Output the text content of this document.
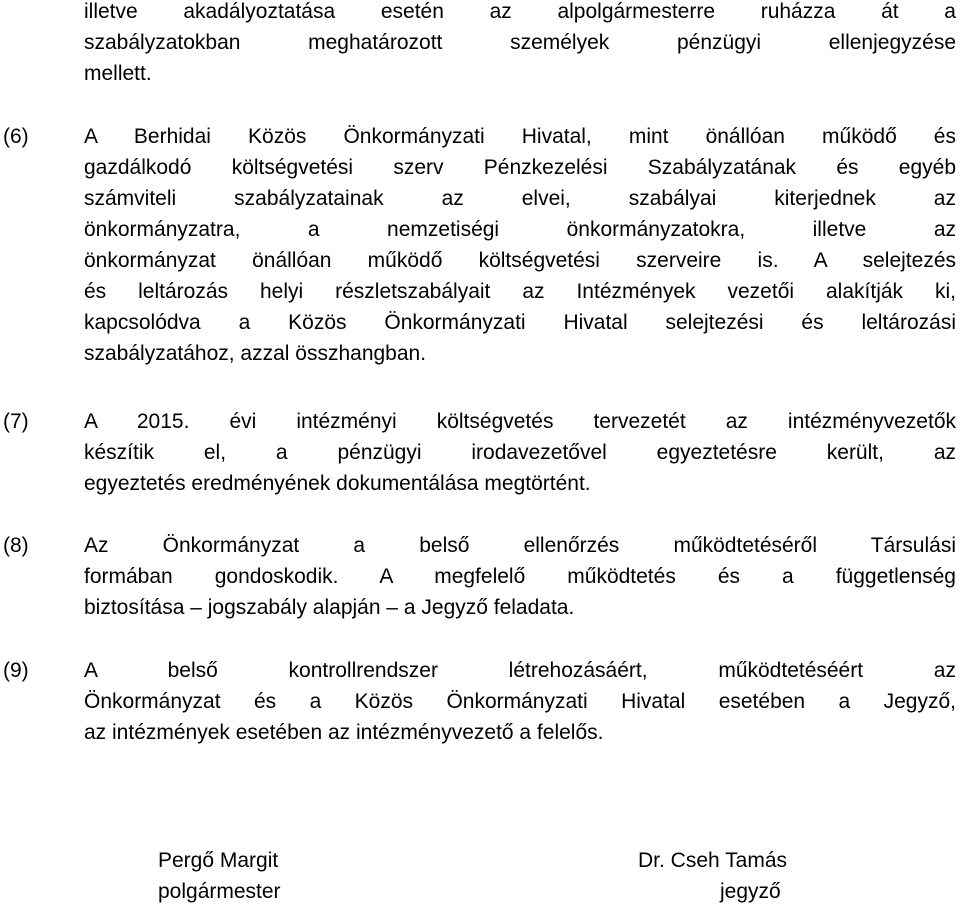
illetve akadályoztatása esetén az alpolgármesterre ruházza át a
szabályzatokban meghatározott személyek pénzügyi ellenjegyzése
mellett.
(6)	A Berhidai Közös Önkormányzati Hivatal, mint önállóan működő és
gazdálkodó költségvetési szerv Pénzkezelési Szabályzatának és egyéb
számviteli szabályzatainak az elvei, szabályai kiterjednek az
önkormányzatra, a nemzetiségi önkormányzatokra, illetve az
önkormányzat önállóan működő költségvetési szerveire is. A selejtezés
és leltározás helyi részletszabályait az Intézmények vezetői alakítják ki,
kapcsolódva a Közös Önkormányzati Hivatal selejtezési és leltározási
szabályzatához, azzal összhangban.
(7)	A 2015. évi intézményi költségvetés tervezetét az intézményvezetők
készítik el, a pénzügyi irodavezetővel egyeztetésre került, az
egyeztetés eredményének dokumentálása megtörtént.
(8)	Az Önkormányzat a belső ellenőrzés működtetéséről Társulási
formában gondoskodik. A megfelelő működtetés és a függetlenség
biztosítása – jogszabály alapján – a Jegyző feladata.
(9)	A belső kontrollrendszer létrehozásáért, működtetéséért az
Önkormányzat és a Közös Önkormányzati Hivatal esetében a Jegyző,
az intézmények esetében az intézményvezető a felelős.
Pergő Margit
polgármester
Dr. Cseh Tamás
jegyző
